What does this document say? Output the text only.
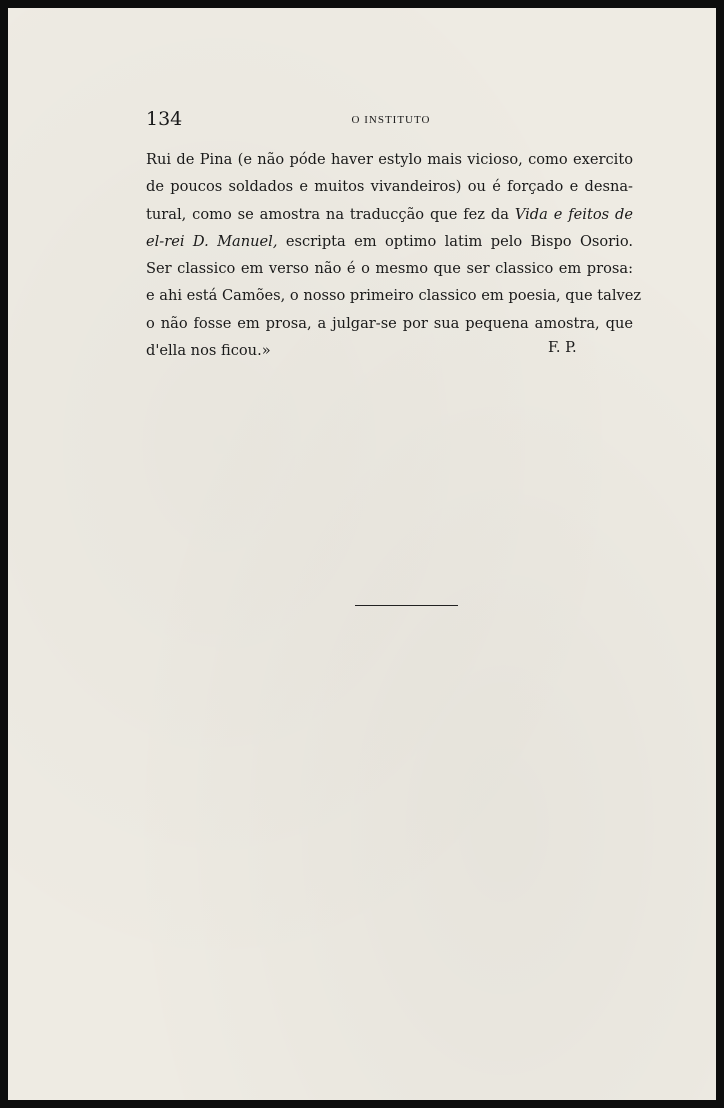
134	O INSTITUTO

Rui de Pina (e não póde haver estylo mais vicioso, como exercito
de poucos soldados e muitos vivandeiros) ou é forçado e desna-
tural, como se amostra na traducção que fez da Vida e feitos de
el-rei D. Manuel, escripta em optimo latim pelo Bispo Osorio.
Ser classico em verso não é o mesmo que ser classico em prosa:
e ahi está Camões, o nosso primeiro classico em poesia, que talvez
o não fosse em prosa, a julgar-se por sua pequena amostra, que
d'ella nos ficou.»	F. P.
